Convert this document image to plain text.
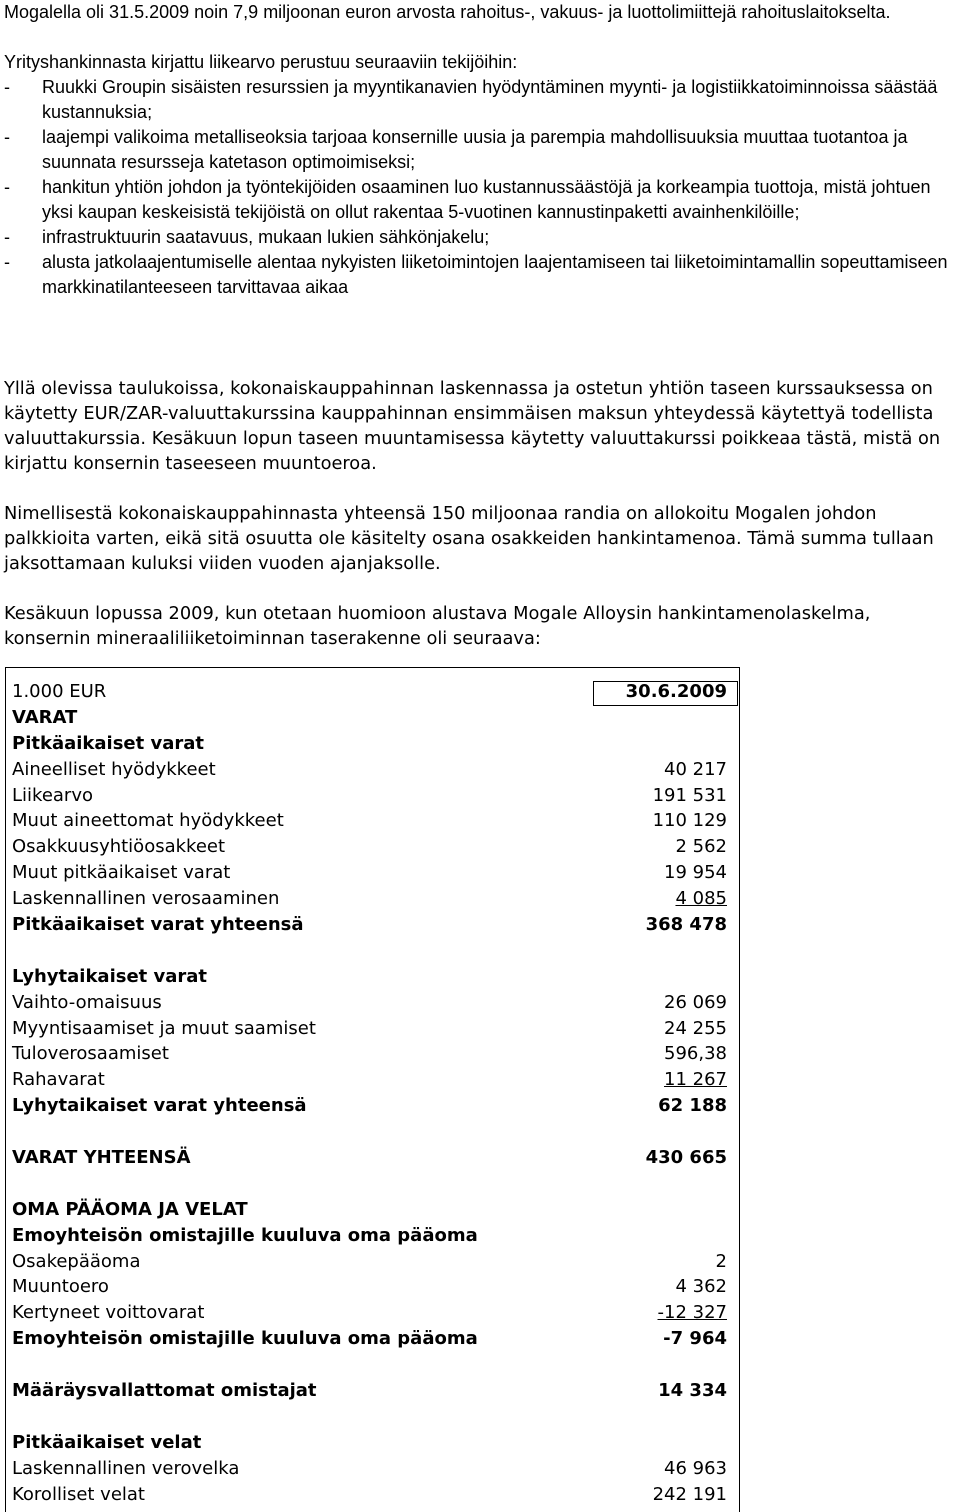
Mogalella oli 31.5.2009 noin 7,9 miljoonan euron arvosta rahoitus-, vakuus- ja luottolimiittejä rahoituslaitokselta.

Yrityshankinnasta kirjattu liikearvo perustuu seuraaviin tekijöihin:

- Ruukki Groupin sisäisten resurssien ja myyntikanavien hyödyntäminen myynti- ja logistiikkatoiminnoissa säästää kustannuksia;
- laajempi valikoima metalliseoksia tarjoaa konsernille uusia ja parempia mahdollisuuksia muuttaa tuotantoa ja suunnata resursseja katetason optimoimiseksi;
- hankitun yhtiön johdon ja työntekijöiden osaaminen luo kustannussäästöjä ja korkeampia tuottoja, mistä johtuen yksi kaupan keskeisistä tekijöistä on ollut rakentaa 5-vuotinen kannustinpaketti avainhenkilöille;
- infrastruktuurin saatavuus, mukaan lukien sähkönjakelu;
- alusta jatkolaajentumiselle alentaa nykyisten liiketoimintojen laajentamiseen tai liiketoimintamallin sopeuttamiseen markkinatilanteeseen tarvittavaa aikaa

Yllä olevissa taulukoissa, kokonaiskauppahinnan laskennassa ja ostetun yhtiön taseen kurssauksessa on käytetty EUR/ZAR-valuuttakurssina kauppahinnan ensimmäisen maksun yhteydessä käytettyä todellista valuuttakurssia. Kesäkuun lopun taseen muuntamisessa käytetty valuuttakurssi poikkeaa tästä, mistä on kirjattu konsernin taseeseen muuntoeroa.

Nimellisestä kokonaiskauppahinnasta yhteensä 150 miljoonaa randia on allokoitu Mogalen johdon palkkioita varten, eikä sitä osuutta ole käsitelty osana osakkeiden hankintamenoa. Tämä summa tullaan jaksottamaan kuluksi viiden vuoden ajanjaksolle.

Kesäkuun lopussa 2009, kun otetaan huomioon alustava Mogale Alloysin hankintamenolaskelma, konsernin mineraaliliiketoiminnan taserakenne oli seuraava:

1.000 EUR	30.6.2009
VARAT
Pitkäaikaiset varat
Aineelliset hyödykkeet	40 217
Liikearvo	191 531
Muut aineettomat hyödykkeet	110 129
Osakkuusyhtiöosakkeet	2 562
Muut pitkäaikaiset varat	19 954
Laskennallinen verosaaminen	4 085
Pitkäaikaiset varat yhteensä	368 478
Lyhytaikaiset varat
Vaihto-omaisuus	26 069
Myyntisaamiset ja muut saamiset	24 255
Tuloverosaamiset	596,38
Rahavarat	11 267
Lyhytaikaiset varat yhteensä	62 188
VARAT YHTEENSÄ	430 665
OMA PÄÄOMA JA VELAT
Emoyhteisön omistajille kuuluva oma pääoma
Osakepääoma	2
Muuntoero	4 362
Kertyneet voittovarat	-12 327
Emoyhteisön omistajille kuuluva oma pääoma	-7 964
Määräysvallattomat omistajat	14 334
Pitkäaikaiset velat
Laskennallinen verovelka	46 963
Korolliset velat	242 191
